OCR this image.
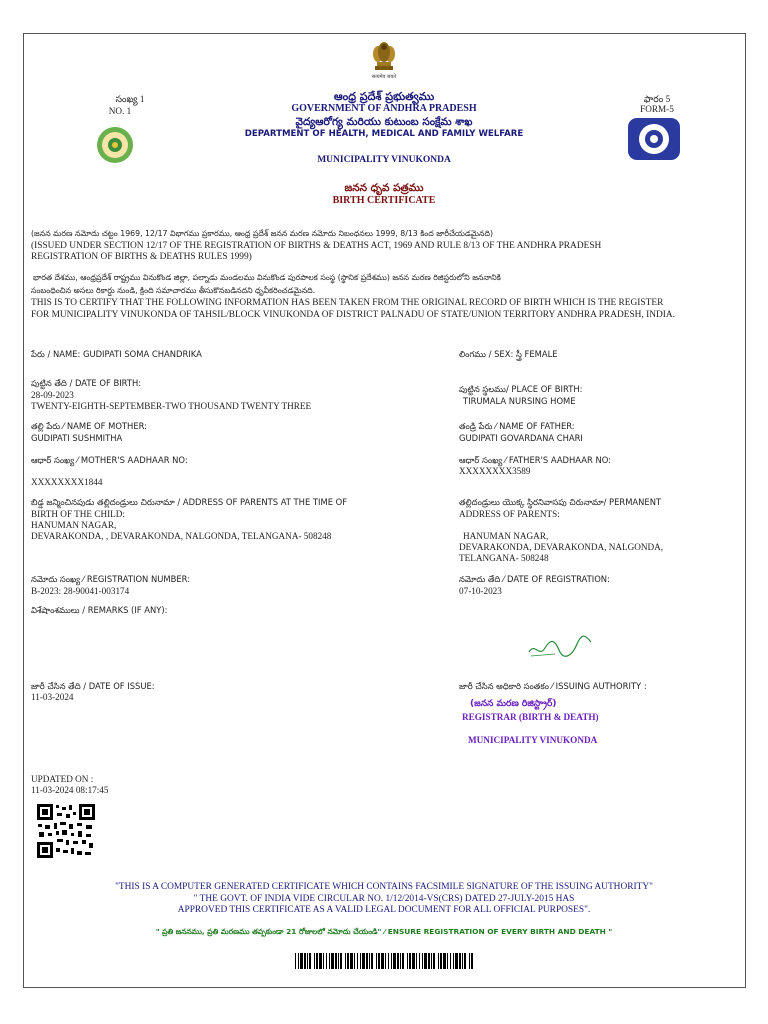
सत्यमेव जयते
సంఖ్య 1
NO. 1
ఫారం 5
FORM-5
ఆంధ్ర ప్రదేశ్ ప్రభుత్వము
GOVERNMENT OF ANDHRA PRADESH
వైద్యఆరోగ్య మరియు కుటుంబ సంక్షేమ శాఖ
DEPARTMENT OF HEALTH, MEDICAL AND FAMILY WELFARE
MUNICIPALITY VINUKONDA
జనన ధృవ పత్రము
BIRTH CERTIFICATE
(జనన మరణ నమోదు చట్టం 1969, 12/17 విభాగము ప్రకారము, ఆంధ్ర ప్రదేశ్ జనన మరణ నమోదు నిబంధనలు 1999, 8/13 కింద జారీచేయడమైనది)
(ISSUED UNDER SECTION 12/17 OF THE REGISTRATION OF BIRTHS & DEATHS ACT, 1969 AND RULE 8/13 OF THE ANDHRA PRADESH
REGISTRATION OF BIRTHS & DEATHS RULES 1999)
భారత దేశము, ఆంధ్రప్రదేశ్ రాష్ట్రము వినుకొండ జిల్లా, పల్నాడు మండలము వినుకొండ పురపాలక సంస్థ (స్థానిక ప్రదేశము) జనన మరణ రిజిస్టరులోని జననానికి
సంబంధించిన అసలు రికార్డు నుండి, క్రింది సమాచారము తీసుకొనబడినదని ధృవీకరించడమైనది.
THIS IS TO CERTIFY THAT THE FOLLOWING INFORMATION HAS BEEN TAKEN FROM THE ORIGINAL RECORD OF BIRTH WHICH IS THE REGISTER
FOR MUNICIPALITY VINUKONDA OF TAHSIL/BLOCK VINUKONDA OF DISTRICT PALNADU OF STATE/UNION TERRITORY ANDHRA PRADESH, INDIA.
పేరు / NAME: GUDIPATI SOMA CHANDRIKA	లింగము / SEX: స్త్రీ FEMALE
పుట్టిన తేది / DATE OF BIRTH:
28-09-2023
TWENTY-EIGHTH-SEPTEMBER-TWO THOUSAND TWENTY THREE
పుట్టిన స్థలము/ PLACE OF BIRTH:
TIRUMALA NURSING HOME
తల్లి పేరు ⁄ NAME OF MOTHER:
GUDIPATI SUSHMITHA
తండ్రి పేరు ⁄ NAME OF FATHER:
GUDIPATI GOVARDANA CHARI
ఆధార్ సంఖ్య ⁄ MOTHER'S AADHAAR NO:
XXXXXXXX1844
ఆధార్ సంఖ్య ⁄ FATHER'S AADHAAR NO:
XXXXXXXX3589
బిడ్డ జన్మించినపుడు తల్లిదండ్రులు చిరునామా / ADDRESS OF PARENTS AT THE TIME OF
BIRTH OF THE CHILD:
HANUMAN NAGAR,
DEVARAKONDA, , DEVARAKONDA, NALGONDA, TELANGANA- 508248
తల్లిదండ్రులు యొక్క స్థిరనివాసపు చిరునామా/ PERMANENT
ADDRESS OF PARENTS:
HANUMAN NAGAR,
DEVARAKONDA, DEVARAKONDA, NALGONDA,
TELANGANA- 508248
నమోదు సంఖ్య ⁄ REGISTRATION NUMBER:
B-2023: 28-90041-003174
నమోదు తేది ⁄ DATE OF REGISTRATION:
07-10-2023
విశేషాంశములు / REMARKS (IF ANY):
జారీ చేసిన తేది / DATE OF ISSUE:
11-03-2024
జారీ చేసిన అధికారి సంతకం ⁄ ISSUING AUTHORITY :
(జనన మరణ రిజిస్ట్రార్)
REGISTRAR (BIRTH & DEATH)
MUNICIPALITY VINUKONDA
UPDATED ON :
11-03-2024 08:17:45
"THIS IS A COMPUTER GENERATED CERTIFICATE WHICH CONTAINS FACSIMILE SIGNATURE OF THE ISSUING AUTHORITY"
" THE GOVT. OF INDIA VIDE CIRCULAR NO. 1/12/2014-VS(CRS) DATED 27-JULY-2015 HAS
APPROVED THIS CERTIFICATE AS A VALID LEGAL DOCUMENT FOR ALL OFFICIAL PURPOSES".
" ప్రతి జననము, ప్రతి మరణము తప్పకుండా 21 రోజులలో నమోదు చేయండి" ⁄ ENSURE REGISTRATION OF EVERY BIRTH AND DEATH "
